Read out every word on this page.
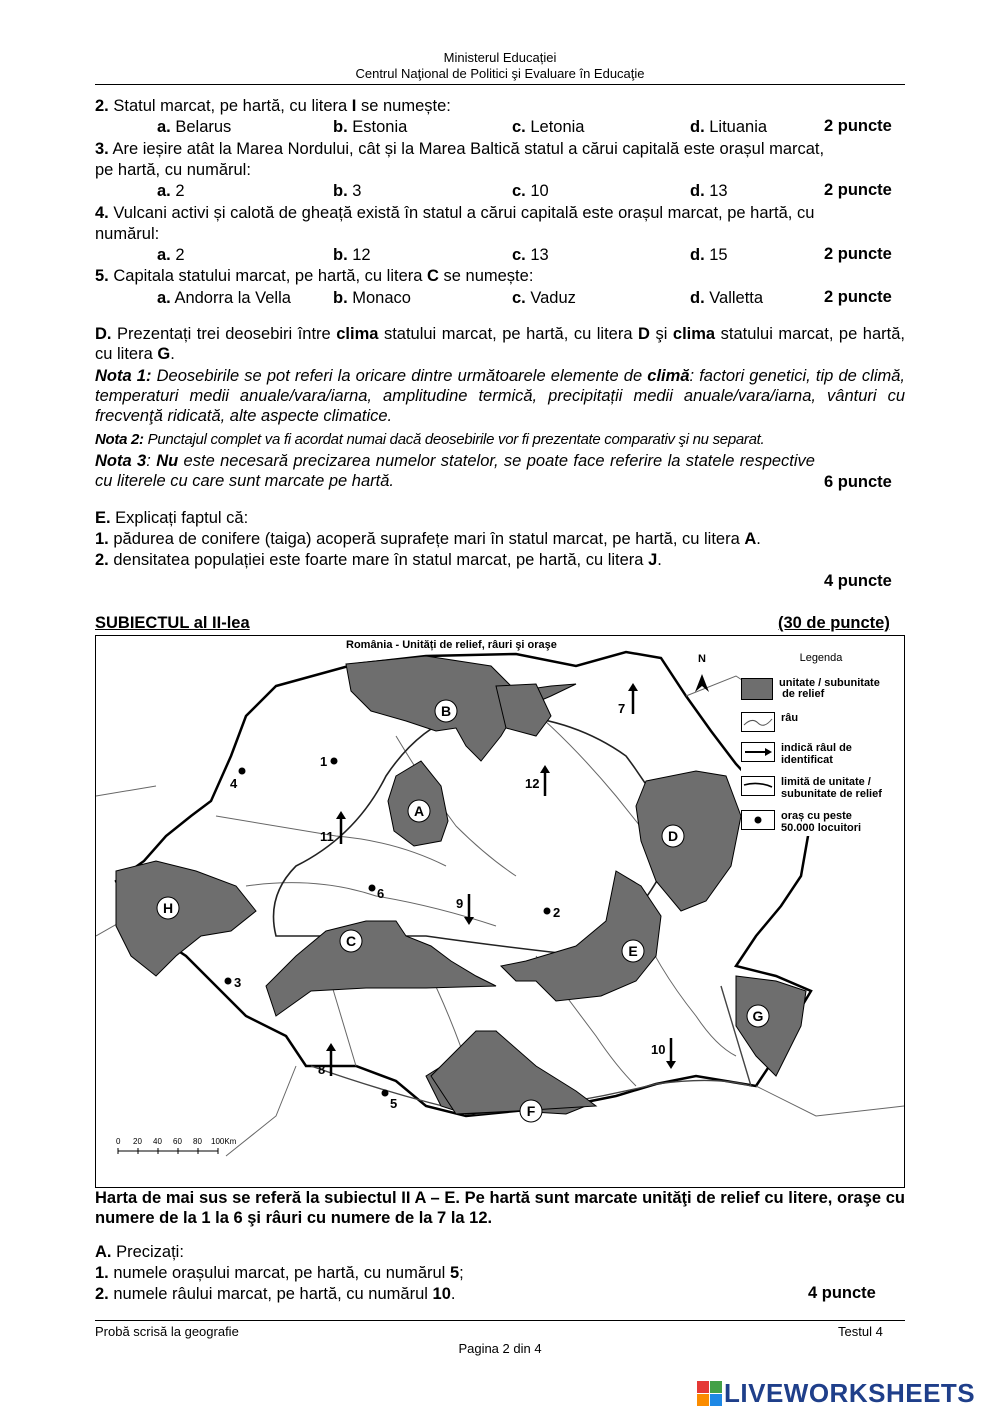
Ministerul Educației
Centrul Naţional de Politici şi Evaluare în Educaţie
2. Statul marcat, pe hartă, cu litera I se numește:
a. Belarus	b. Estonia	c. Letonia	d. Lituania	2 puncte
3. Are ieșire atât la Marea Nordului, cât și la Marea Baltică statul a cărui capitală este orașul marcat,
pe hartă, cu numărul:
a. 2	b. 3	c. 10	d. 13	2 puncte
4. Vulcani activi și calotă de gheață există în statul a cărui capitală este orașul marcat, pe hartă, cu
numărul:
a. 2	b. 12	c. 13	d. 15	2 puncte
5. Capitala statului marcat, pe hartă, cu litera C se numește:
a. Andorra la Vella	b. Monaco	c. Vaduz	d. Valletta	2 puncte
D. Prezentați trei deosebiri între clima statului marcat, pe hartă, cu litera D şi clima statului marcat, pe hartă, cu litera G.
Nota 1: Deosebirile se pot referi la oricare dintre următoarele elemente de climă: factori genetici, tip de climă, temperaturi medii anuale/vara/iarna, amplitudine termică, precipitații medii anuale/vara/iarna, vânturi cu frecvenţă ridicată, alte aspecte climatice.
Nota 2: Punctajul complet va fi acordat numai dacă deosebirile vor fi prezentate comparativ şi nu separat.
Nota 3: Nu este necesară precizarea numelor statelor, se poate face referire la statele respective cu literele cu care sunt marcate pe hartă.	6 puncte
E. Explicați faptul că:
1. pădurea de conifere (taiga) acoperă suprafețe mari în statul marcat, pe hartă, cu litera A.
2. densitatea populației este foarte mare în statul marcat, pe hartă, cu litera J.
4 puncte
SUBIECTUL al II-lea	(30 de puncte)
A
B
C
D
E
F
G
H
1
2
3
4
5
6
7
8
9
10
11
12
N
0 20 40 60 80 100Km
România - Unități de relief, râuri şi oraşe
Legenda
unitate / subunitate
de relief
râu
indică râul de
identificat
limită de unitate /
subunitate de relief
oraș cu peste
50.000 locuitori
Harta de mai sus se referă la subiectul II A – E. Pe hartă sunt marcate unităţi de relief cu litere, oraşe cu numere de la 1 la 6 şi râuri cu numere de la 7 la 12.
A. Precizați:
1. numele orașului marcat, pe hartă, cu numărul 5;
2. numele râului marcat, pe hartă, cu numărul 10.	4 puncte
Probă scrisă la geografie	Testul 4
Pagina 2 din 4
LIVEWORKSHEETS
